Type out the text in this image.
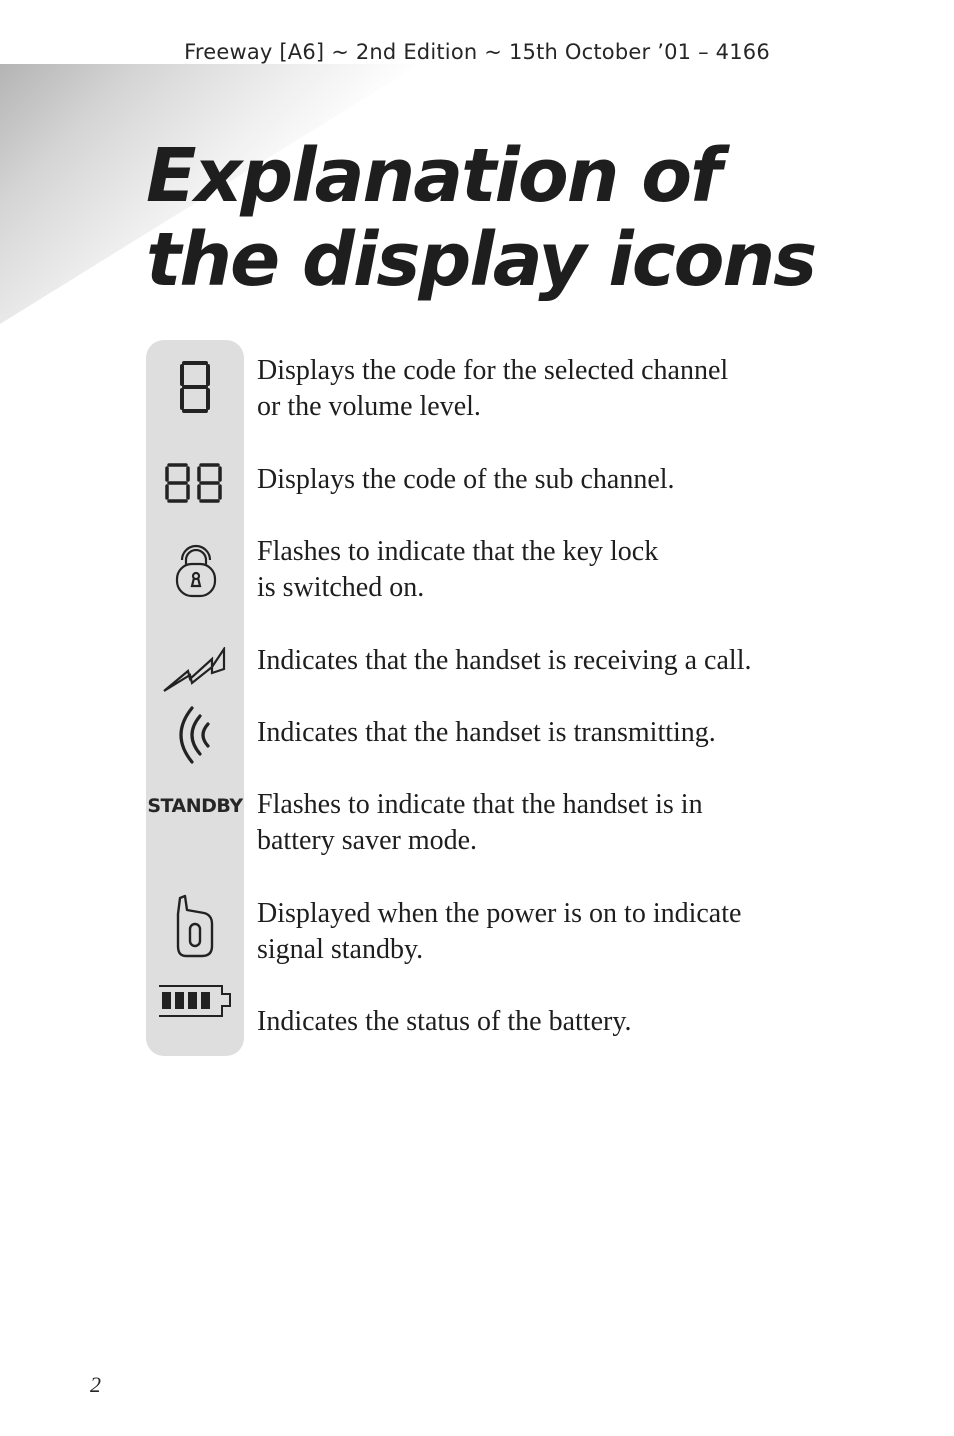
Freeway [A6] ~ 2nd Edition ~ 15th October ’01 – 4166
Explanation of
the display icons
STANDBY
Displays the code for the selected channel
or the volume level.
Displays the code of the sub channel.
Flashes to indicate that the key lock
is switched on.
Indicates that the handset is receiving a call.
Indicates that the handset is transmitting.
Flashes to indicate that the handset is in
battery saver mode.
Displayed when the power is on to indicate
signal standby.
Indicates the status of the battery.
2
